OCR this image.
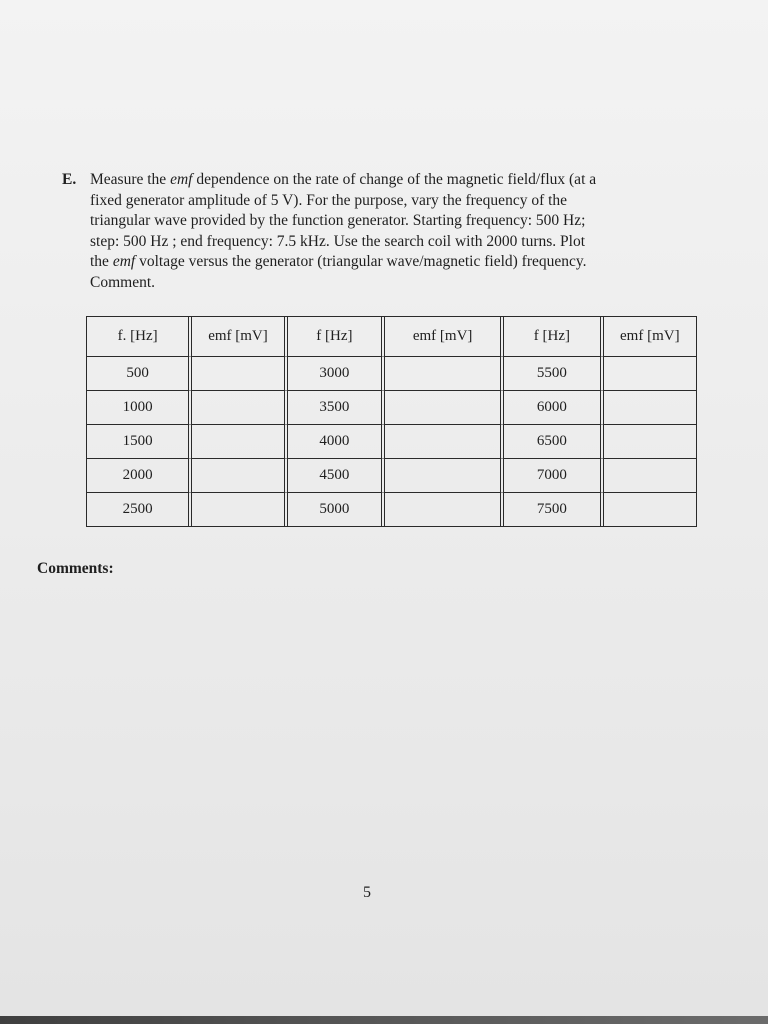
E. Measure the emf dependence on the rate of change of the magnetic field/flux (at a
fixed generator amplitude of 5 V). For the purpose, vary the frequency of the
triangular wave provided by the function generator. Starting frequency: 500 Hz;
step: 500 Hz ; end frequency: 7.5 kHz. Use the search coil with 2000 turns. Plot
the emf voltage versus the generator (triangular wave/magnetic field) frequency.
Comment.
f. [Hz]	emf [mV]	f [Hz]	emf [mV]	f [Hz]	emf [mV]
500		3000		5500	
1000		3500		6000	
1500		4000		6500	
2000		4500		7000	
2500		5000		7500	
Comments:
5
